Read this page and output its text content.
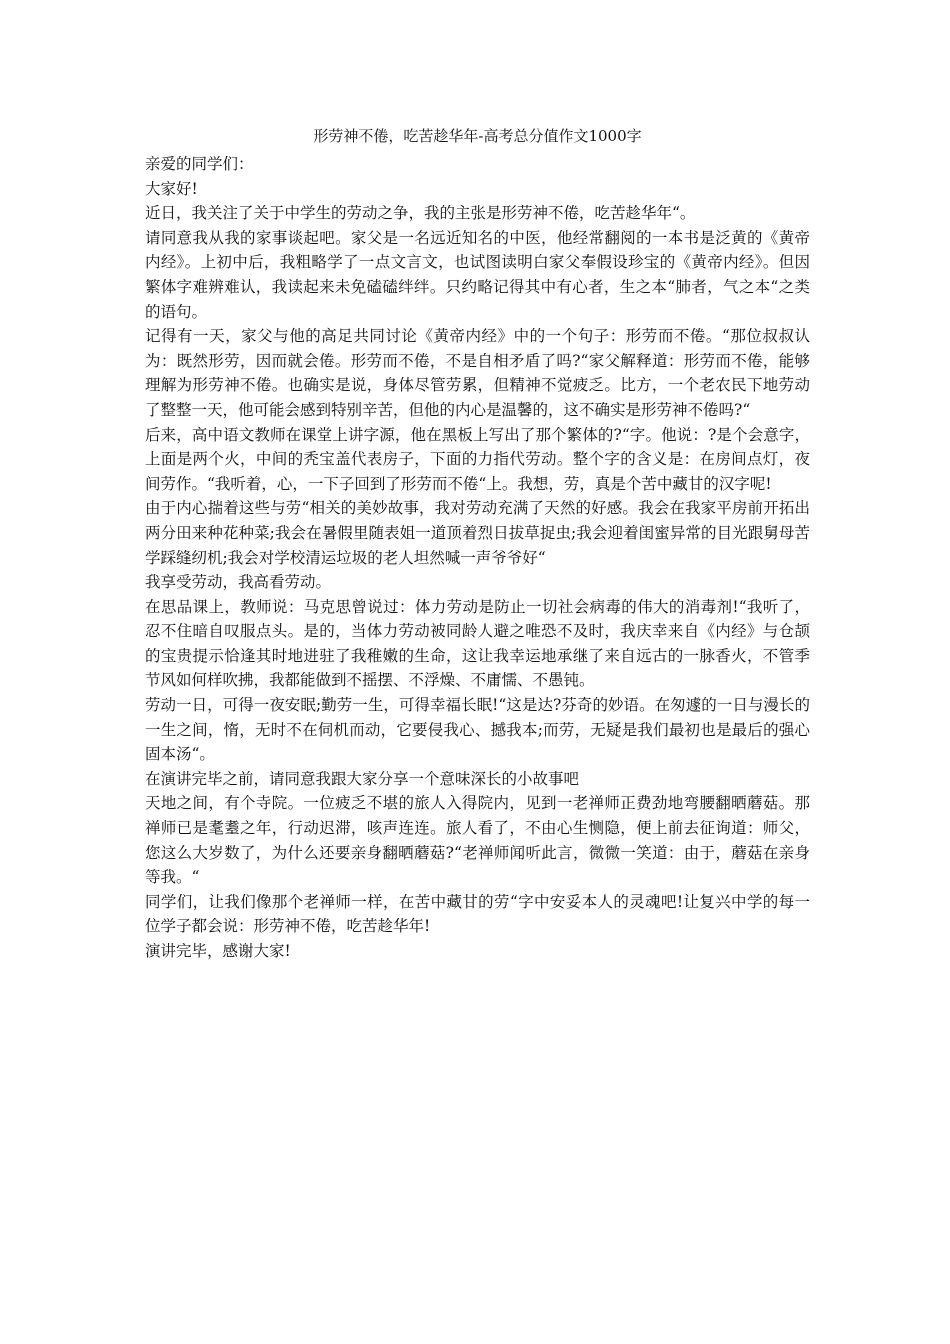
形劳神不倦，吃苦趁华年-高考总分值作文1000字

亲爱的同学们：

大家好!

近日，我关注了关于中学生的劳动之争，我的主张是形劳神不倦，吃苦趁华年“。

请同意我从我的家事谈起吧。家父是一名远近知名的中医，他经常翻阅的一本书是泛黄的《黄帝内经》。上初中后，我粗略学了一点文言文，也试图读明白家父奉假设珍宝的《黄帝内经》。但因繁体字难辨难认，我读起来未免磕磕绊绊。只约略记得其中有心者，生之本“肺者，气之本“之类的语句。

记得有一天，家父与他的高足共同讨论《黄帝内经》中的一个句子：形劳而不倦。“那位叔叔认为：既然形劳，因而就会倦。形劳而不倦，不是自相矛盾了吗?“家父解释道：形劳而不倦，能够理解为形劳神不倦。也确实是说，身体尽管劳累，但精神不觉疲乏。比方，一个老农民下地劳动了整整一天，他可能会感到特别辛苦，但他的内心是温馨的，这不确实是形劳神不倦吗?“

后来，高中语文教师在课堂上讲字源，他在黑板上写出了那个繁体的?“字。他说：?是个会意字，上面是两个火，中间的秃宝盖代表房子，下面的力指代劳动。整个字的含义是：在房间点灯，夜间劳作。“我听着，心，一下子回到了形劳而不倦“上。我想，劳，真是个苦中藏甘的汉字呢!

由于内心揣着这些与劳“相关的美妙故事，我对劳动充满了天然的好感。我会在我家平房前开拓出两分田来种花种菜;我会在暑假里随表姐一道顶着烈日拔草捉虫;我会迎着闺蜜异常的目光跟舅母苦学踩缝纫机;我会对学校清运垃圾的老人坦然喊一声爷爷好“

我享受劳动，我高看劳动。

在思品课上，教师说：马克思曾说过：体力劳动是防止一切社会病毒的伟大的消毒剂!“我听了，忍不住暗自叹服点头。是的，当体力劳动被同龄人避之唯恐不及时，我庆幸来自《内经》与仓颉的宝贵提示恰逢其时地进驻了我稚嫩的生命，这让我幸运地承继了来自远古的一脉香火，不管季节风如何样吹拂，我都能做到不摇摆、不浮燥、不庸懦、不愚钝。

劳动一日，可得一夜安眠;勤劳一生，可得幸福长眠!“这是达?芬奇的妙语。在匆遽的一日与漫长的一生之间，惰，无时不在伺机而动，它要侵我心、撼我本;而劳，无疑是我们最初也是最后的强心固本汤“。

在演讲完毕之前，请同意我跟大家分享一个意味深长的小故事吧

天地之间，有个寺院。一位疲乏不堪的旅人入得院内，见到一老禅师正费劲地弯腰翻晒蘑菇。那禅师已是耄耋之年，行动迟滞，咳声连连。旅人看了，不由心生恻隐，便上前去征询道：师父，您这么大岁数了，为什么还要亲身翻晒蘑菇?“老禅师闻听此言，微微一笑道：由于，蘑菇在亲身等我。“

同学们，让我们像那个老禅师一样，在苦中藏甘的劳“字中安妥本人的灵魂吧!让复兴中学的每一位学子都会说：形劳神不倦，吃苦趁华年!

演讲完毕，感谢大家!
